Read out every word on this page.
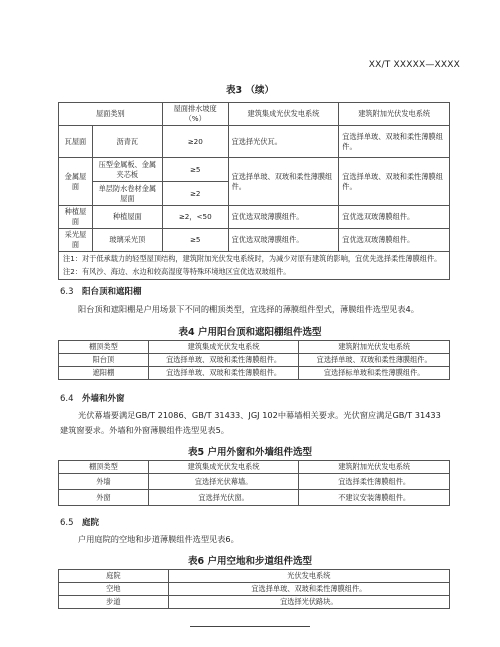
XX/T XXXXX—XXXX
表3 （续）
屋面类别		屋面排水坡度（%）	建筑集成光伏发电系统	建筑附加光伏发电系统
瓦屋面	沥青瓦	≥20	宜选择光伏瓦。	宜选择单玻、双玻和柔性薄膜组件。
金属屋面	压型金属板、金属夹芯板	≥5	宜选择单玻、双玻和柔性薄膜组件。	宜选择单玻、双玻和柔性薄膜组件。
	单层防水卷材金属屋面	≥2		
种植屋面	种植屋面	≥2，<50	宜优选双玻薄膜组件。	宜优选双玻薄膜组件。
采光屋面	玻璃采光顶	≥5	宜优选双玻薄膜组件。	宜优选双玻薄膜组件。

注1：对于低承载力的轻型屋顶结构，建筑附加光伏发电系统时，为减少对原有建筑的影响，宜优先选择柔性薄膜组件。
注2：有风沙、海边、水边和较高湿度等特殊环境地区宜优选双玻组件。				
6.3 阳台顶和遮阳棚
阳台顶和遮阳棚是户用场景下不同的棚顶类型，宜选择的薄膜组件型式，薄膜组件选型见表4。
表4 户用阳台顶和遮阳棚组件选型
棚顶类型	建筑集成光伏发电系统	建筑附加光伏发电系统
阳台顶	宜选择单玻、双玻和柔性薄膜组件。	宜选择单玻、双玻和柔性薄膜组件。
遮阳棚	宜选择单玻、双玻和柔性薄膜组件。	宜选择标单玻和柔性薄膜组件。
6.4 外墙和外窗
光伏幕墙要满足GB/T 21086、GB/T 31433、JGJ 102中幕墙相关要求。光伏窗应满足GB/T 31433建筑窗要求。外墙和外窗薄膜组件选型见表5。
表5 户用外窗和外墙组件选型
棚顶类型	建筑集成光伏发电系统	建筑附加光伏发电系统
外墙	宜选择光伏幕墙。	宜选择柔性薄膜组件。
外窗	宜选择光伏窗。	不建议安装薄膜组件。
6.5 庭院
户用庭院的空地和步道薄膜组件选型见表6。
表6 户用空地和步道组件选型
庭院	光伏发电系统
空地	宜选择单玻、双玻和柔性薄膜组件。
步道	宜选择光伏路块。
